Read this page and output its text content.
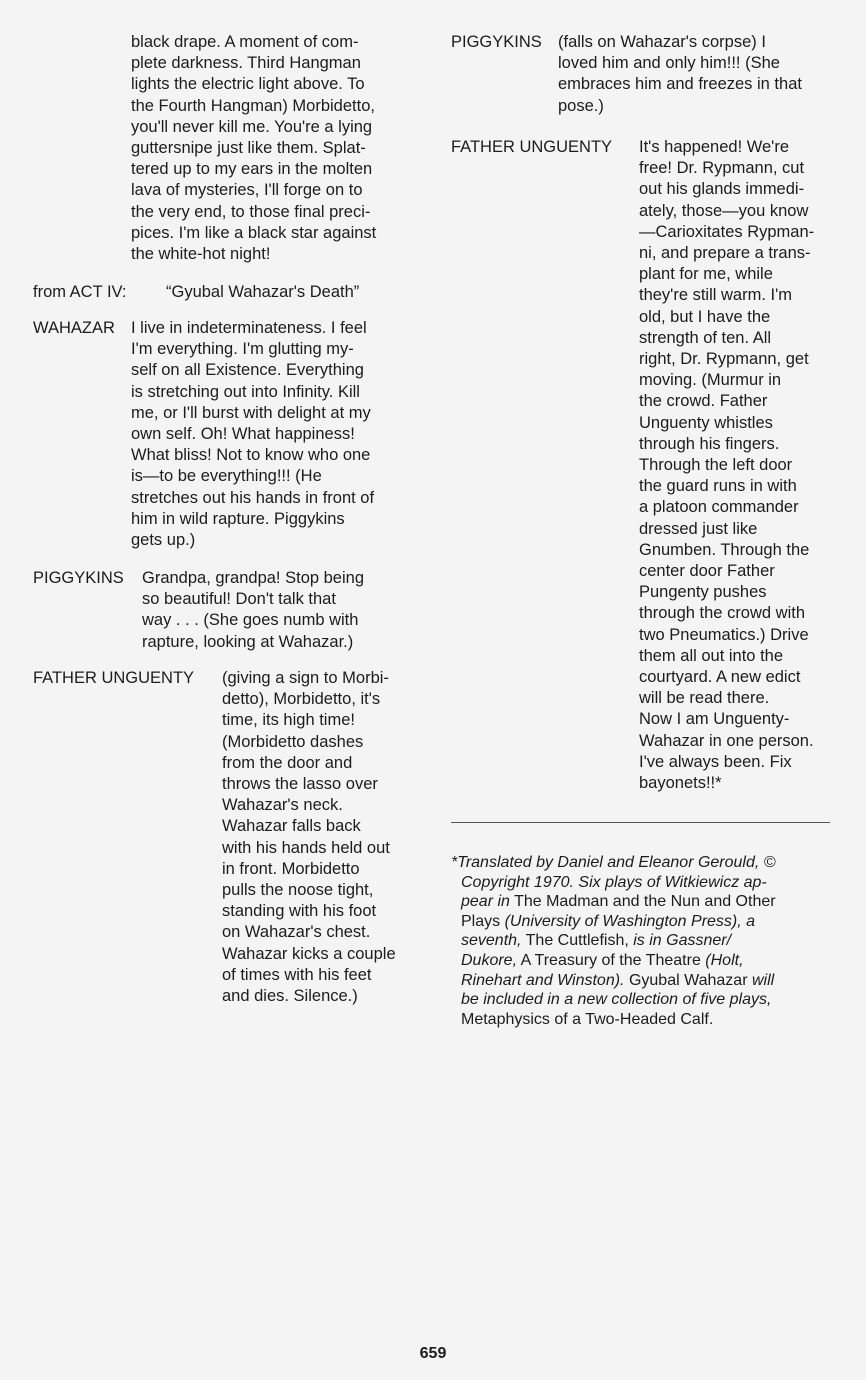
black drape. A moment of com-
plete darkness. Third Hangman
lights the electric light above. To
the Fourth Hangman) Morbidetto,
you'll never kill me. You're a lying
guttersnipe just like them. Splat-
tered up to my ears in the molten
lava of mysteries, I'll forge on to
the very end, to those final preci-
pices. I'm like a black star against
the white-hot night!
from ACT IV: “Gyubal Wahazar's Death”
WAHAZAR I live in indeterminateness. I feel
I'm everything. I'm glutting my-
self on all Existence. Everything
is stretching out into Infinity. Kill
me, or I'll burst with delight at my
own self. Oh! What happiness!
What bliss! Not to know who one
is—to be everything!!! (He
stretches out his hands in front of
him in wild rapture. Piggykins
gets up.)
PIGGYKINS Grandpa, grandpa! Stop being
so beautiful! Don't talk that
way . . . (She goes numb with
rapture, looking at Wahazar.)
FATHER UNGUENTY (giving a sign to Morbi-
detto), Morbidetto, it's
time, its high time!
(Morbidetto dashes
from the door and
throws the lasso over
Wahazar's neck.
Wahazar falls back
with his hands held out
in front. Morbidetto
pulls the noose tight,
standing with his foot
on Wahazar's chest.
Wahazar kicks a couple
of times with his feet
and dies. Silence.)
PIGGYKINS (falls on Wahazar's corpse) I
loved him and only him!!! (She
embraces him and freezes in that
pose.)
FATHER UNGUENTY It's happened! We're
free! Dr. Rypmann, cut
out his glands immedi-
ately, those—you know
—Carioxitates Rypman-
ni, and prepare a trans-
plant for me, while
they're still warm. I'm
old, but I have the
strength of ten. All
right, Dr. Rypmann, get
moving. (Murmur in
the crowd. Father
Unguenty whistles
through his fingers.
Through the left door
the guard runs in with
a platoon commander
dressed just like
Gnumben. Through the
center door Father
Pungenty pushes
through the crowd with
two Pneumatics.) Drive
them all out into the
courtyard. A new edict
will be read there.
Now I am Unguenty-
Wahazar in one person.
I've always been. Fix
bayonets!!*
*Translated by Daniel and Eleanor Gerould, ©
Copyright 1970. Six plays of Witkiewicz ap-
pear in The Madman and the Nun and Other
Plays (University of Washington Press), a
seventh, The Cuttlefish, is in Gassner/
Dukore, A Treasury of the Theatre (Holt,
Rinehart and Winston). Gyubal Wahazar will
be included in a new collection of five plays,
Metaphysics of a Two-Headed Calf.
659
